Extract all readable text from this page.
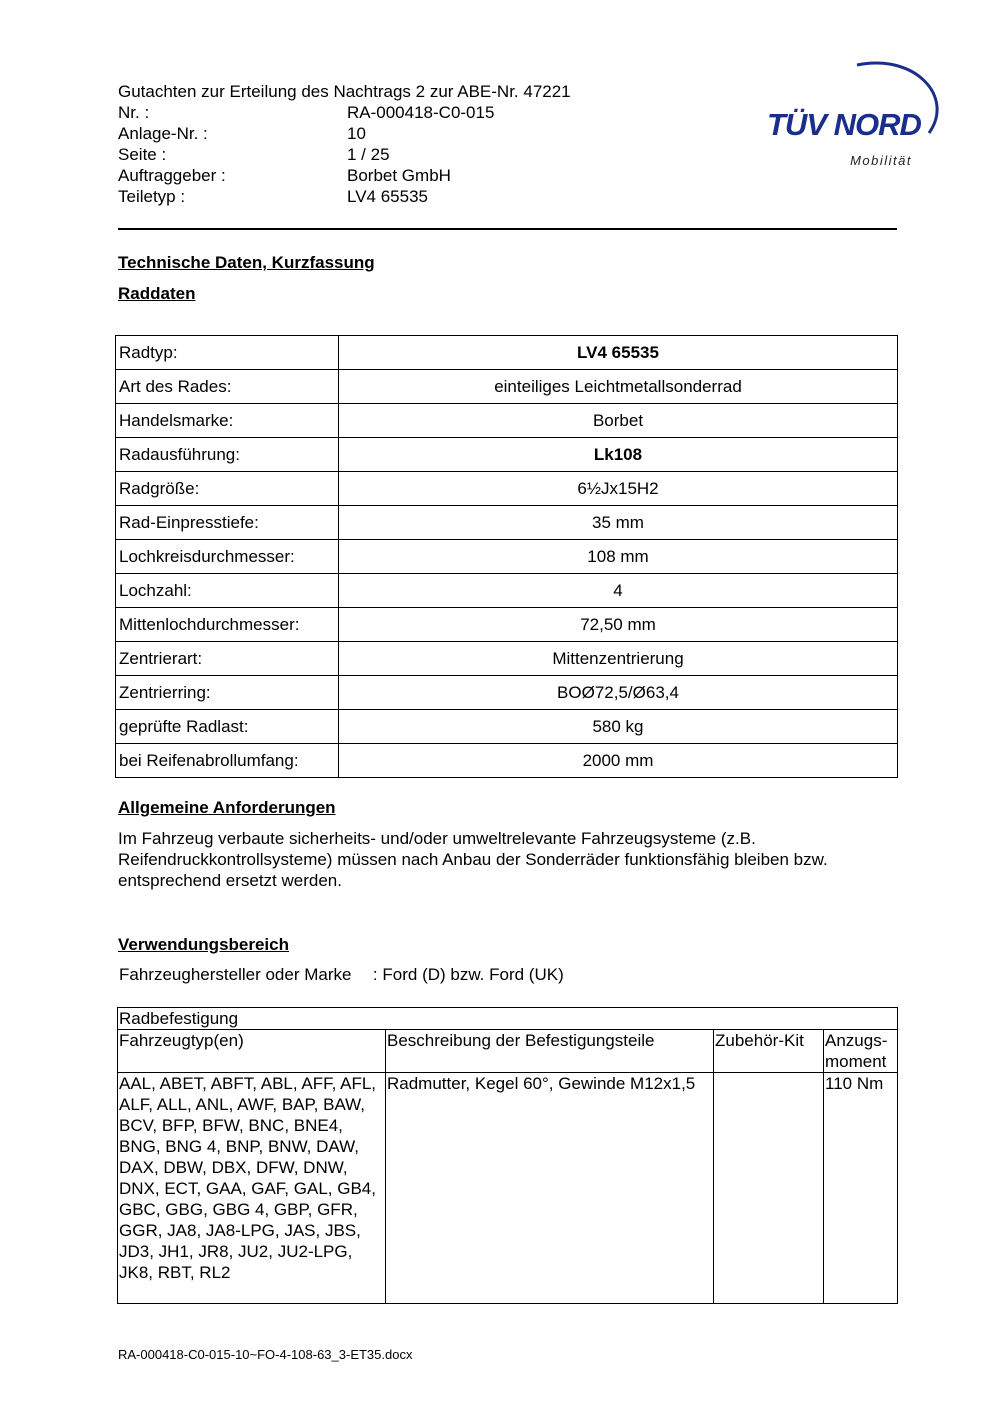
Gutachten zur Erteilung des Nachtrags 2 zur ABE-Nr. 47221
Nr. :	RA-000418-C0-015
Anlage-Nr. :	10
Seite :	1 / 25
Auftraggeber :	Borbet GmbH
Teiletyp :	LV4 65535
TÜV NORD
Mobilität
Technische Daten, Kurzfassung
Raddaten
Radtyp:	LV4 65535
Art des Rades:	einteiliges Leichtmetallsonderrad
Handelsmarke:	Borbet
Radausführung:	Lk108
Radgröße:	6½Jx15H2
Rad-Einpresstiefe:	35 mm
Lochkreisdurchmesser:	108 mm
Lochzahl:	4
Mittenlochdurchmesser:	72,50 mm
Zentrierart:	Mittenzentrierung
Zentrierring:	BOØ72,5/Ø63,4
geprüfte Radlast:	580 kg
bei Reifenabrollumfang:	2000 mm
Allgemeine Anforderungen
Im Fahrzeug verbaute sicherheits- und/oder umweltrelevante Fahrzeugsysteme (z.B. Reifendruckkontrollsysteme) müssen nach Anbau der Sonderräder funktionsfähig bleiben bzw. entsprechend ersetzt werden.
Verwendungsbereich
Fahrzeughersteller oder Marke : Ford (D) bzw. Ford (UK)
Radbefestigung			
Fahrzeugtyp(en)	Beschreibung der Befestigungsteile	Zubehör-Kit	Anzugs-moment
AAL, ABET, ABFT, ABL, AFF, AFL, ALF, ALL, ANL, AWF, BAP, BAW, BCV, BFP, BFW, BNC, BNE4, BNG, BNG 4, BNP, BNW, DAW, DAX, DBW, DBX, DFW, DNW, DNX, ECT, GAA, GAF, GAL, GB4, GBC, GBG, GBG 4, GBP, GFR, GGR, JA8, JA8-LPG, JAS, JBS, JD3, JH1, JR8, JU2, JU2-LPG, JK8, RBT, RL2	Radmutter, Kegel 60°, Gewinde M12x1,5		110 Nm
RA-000418-C0-015-10~FO-4-108-63_3-ET35.docx
